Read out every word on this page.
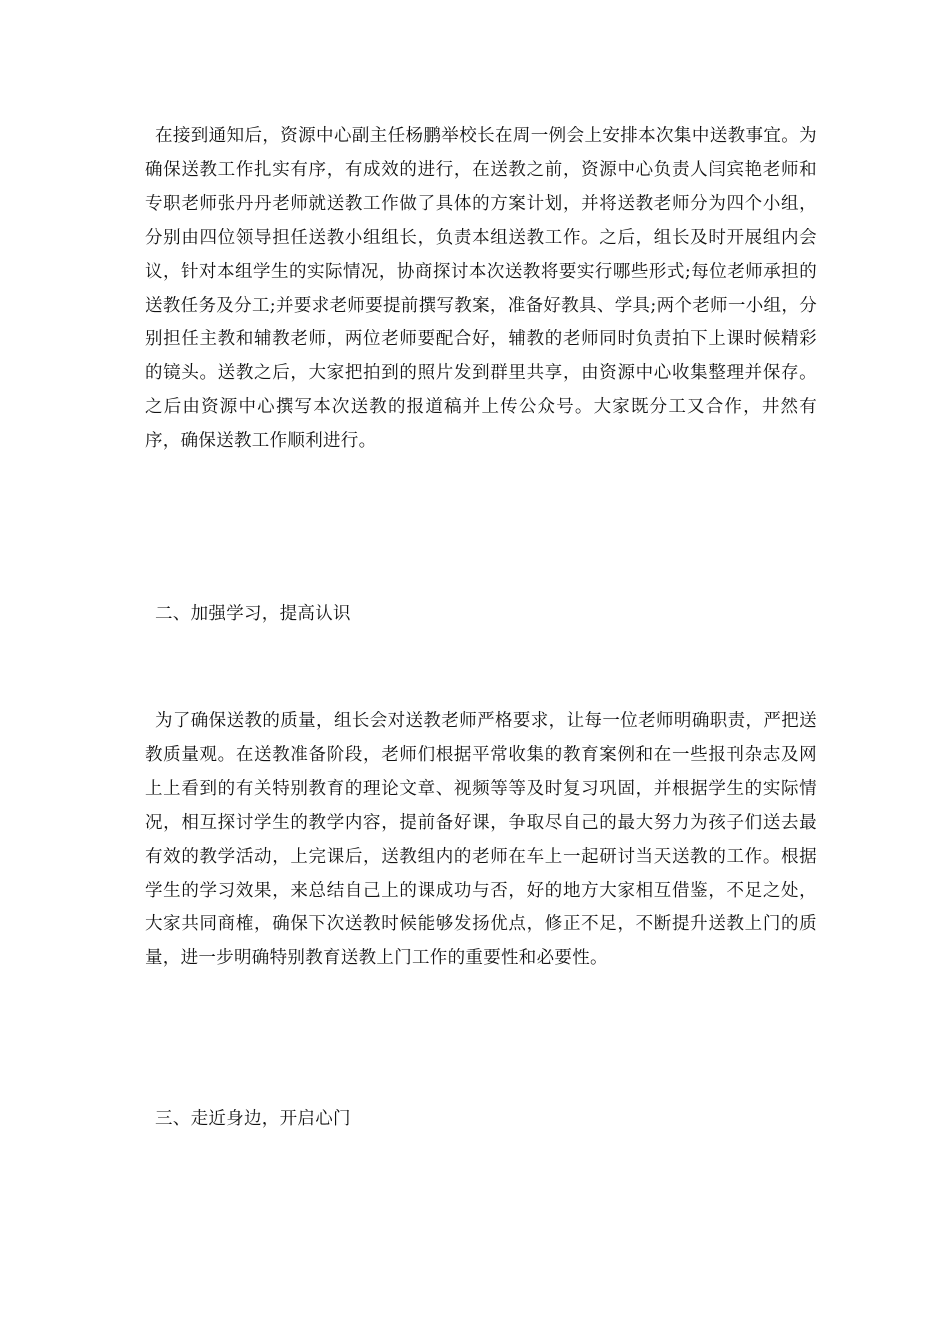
在接到通知后，资源中心副主任杨鹏举校长在周一例会上安排本次集中送教事宜。为确保送教工作扎实有序，有成效的进行，在送教之前，资源中心负责人闫宾艳老师和专职老师张丹丹老师就送教工作做了具体的方案计划，并将送教老师分为四个小组，分别由四位领导担任送教小组组长，负责本组送教工作。之后，组长及时开展组内会议，针对本组学生的实际情况，协商探讨本次送教将要实行哪些形式;每位老师承担的送教任务及分工;并要求老师要提前撰写教案，准备好教具、学具;两个老师一小组，分别担任主教和辅教老师，两位老师要配合好，辅教的老师同时负责拍下上课时候精彩的镜头。送教之后，大家把拍到的照片发到群里共享，由资源中心收集整理并保存。之后由资源中心撰写本次送教的报道稿并上传公众号。大家既分工又合作，井然有序，确保送教工作顺利进行。

二、加强学习，提高认识

为了确保送教的质量，组长会对送教老师严格要求，让每一位老师明确职责，严把送教质量观。在送教准备阶段，老师们根据平常收集的教育案例和在一些报刊杂志及网上上看到的有关特别教育的理论文章、视频等等及时复习巩固，并根据学生的实际情况，相互探讨学生的教学内容，提前备好课，争取尽自己的最大努力为孩子们送去最有效的教学活动，上完课后，送教组内的老师在车上一起研讨当天送教的工作。根据学生的学习效果，来总结自己上的课成功与否，好的地方大家相互借鉴，不足之处，大家共同商榷，确保下次送教时候能够发扬优点，修正不足，不断提升送教上门的质量，进一步明确特别教育送教上门工作的重要性和必要性。

三、走近身边，开启心门
